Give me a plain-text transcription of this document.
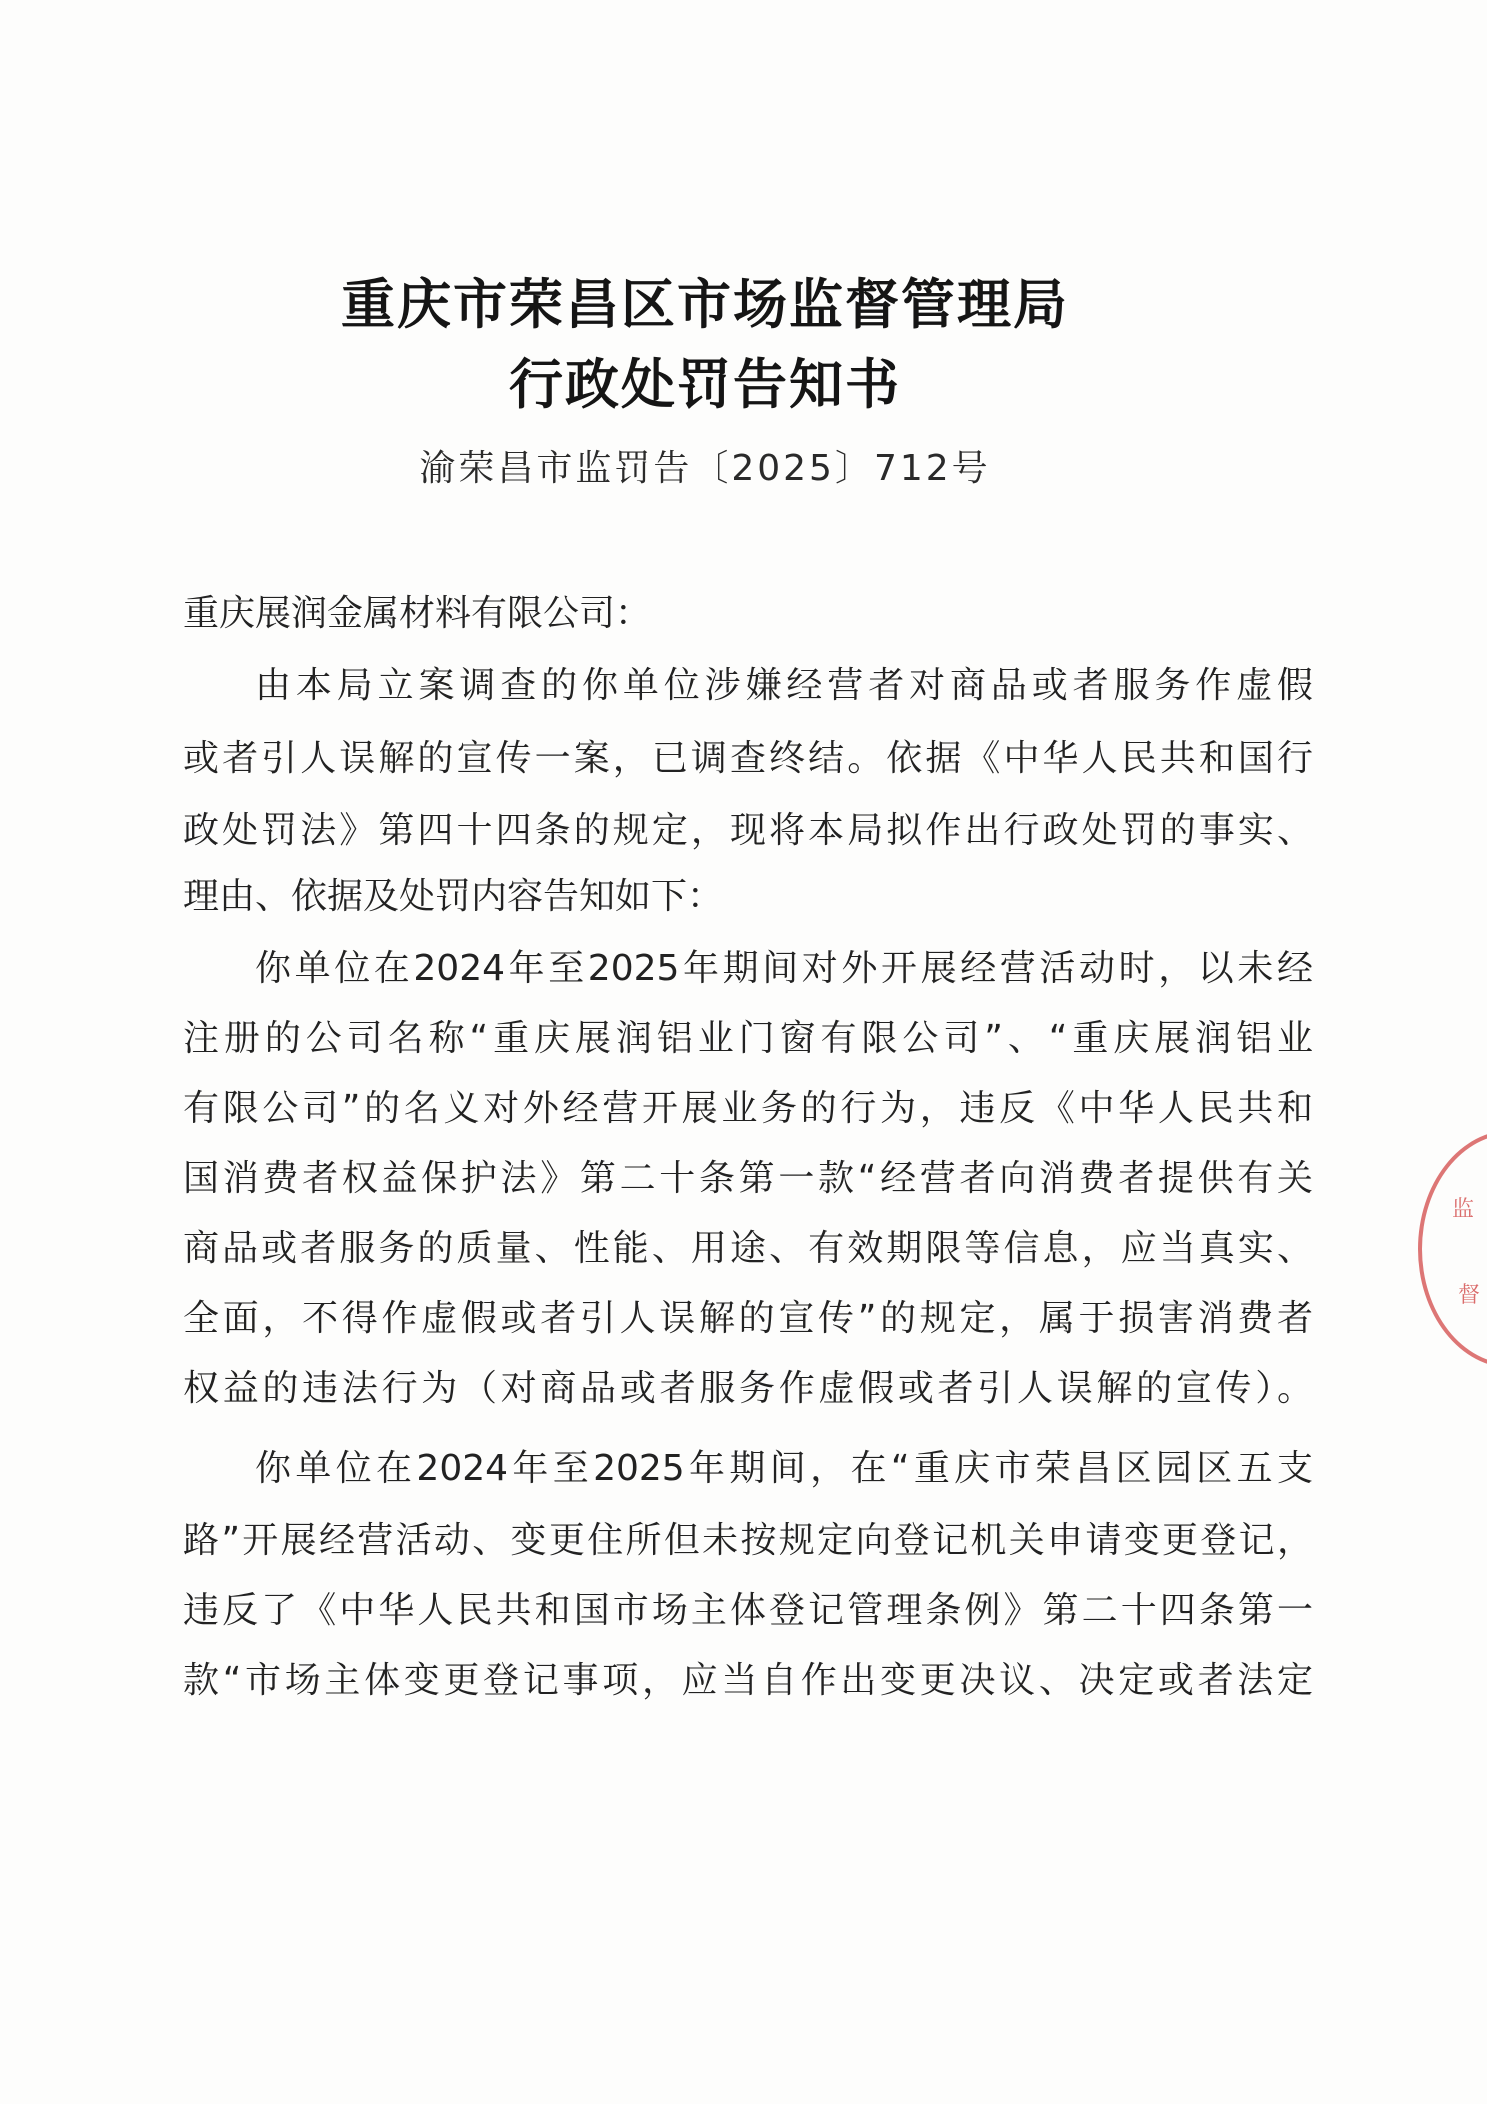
重庆市荣昌区市场监督管理局
行政处罚告知书
渝荣昌市监罚告〔2025〕712号
重庆展润金属材料有限公司：
由本局立案调查的你单位涉嫌经营者对商品或者服务作虚假
或者引人误解的宣传一案，已调查终结。依据《中华人民共和国行
政处罚法》第四十四条的规定，现将本局拟作出行政处罚的事实、
理由、依据及处罚内容告知如下：
你单位在2024年至2025年期间对外开展经营活动时，以未经
注册的公司名称“重庆展润铝业门窗有限公司”、“重庆展润铝业
有限公司”的名义对外经营开展业务的行为，违反《中华人民共和
国消费者权益保护法》第二十条第一款“经营者向消费者提供有关
商品或者服务的质量、性能、用途、有效期限等信息，应当真实、
全面，不得作虚假或者引人误解的宣传”的规定，属于损害消费者
权益的违法行为（对商品或者服务作虚假或者引人误解的宣传）。
你单位在2024年至2025年期间，在“重庆市荣昌区园区五支
路”开展经营活动、变更住所但未按规定向登记机关申请变更登记，
违反了《中华人民共和国市场主体登记管理条例》第二十四条第一
款“市场主体变更登记事项，应当自作出变更决议、决定或者法定
监
督
